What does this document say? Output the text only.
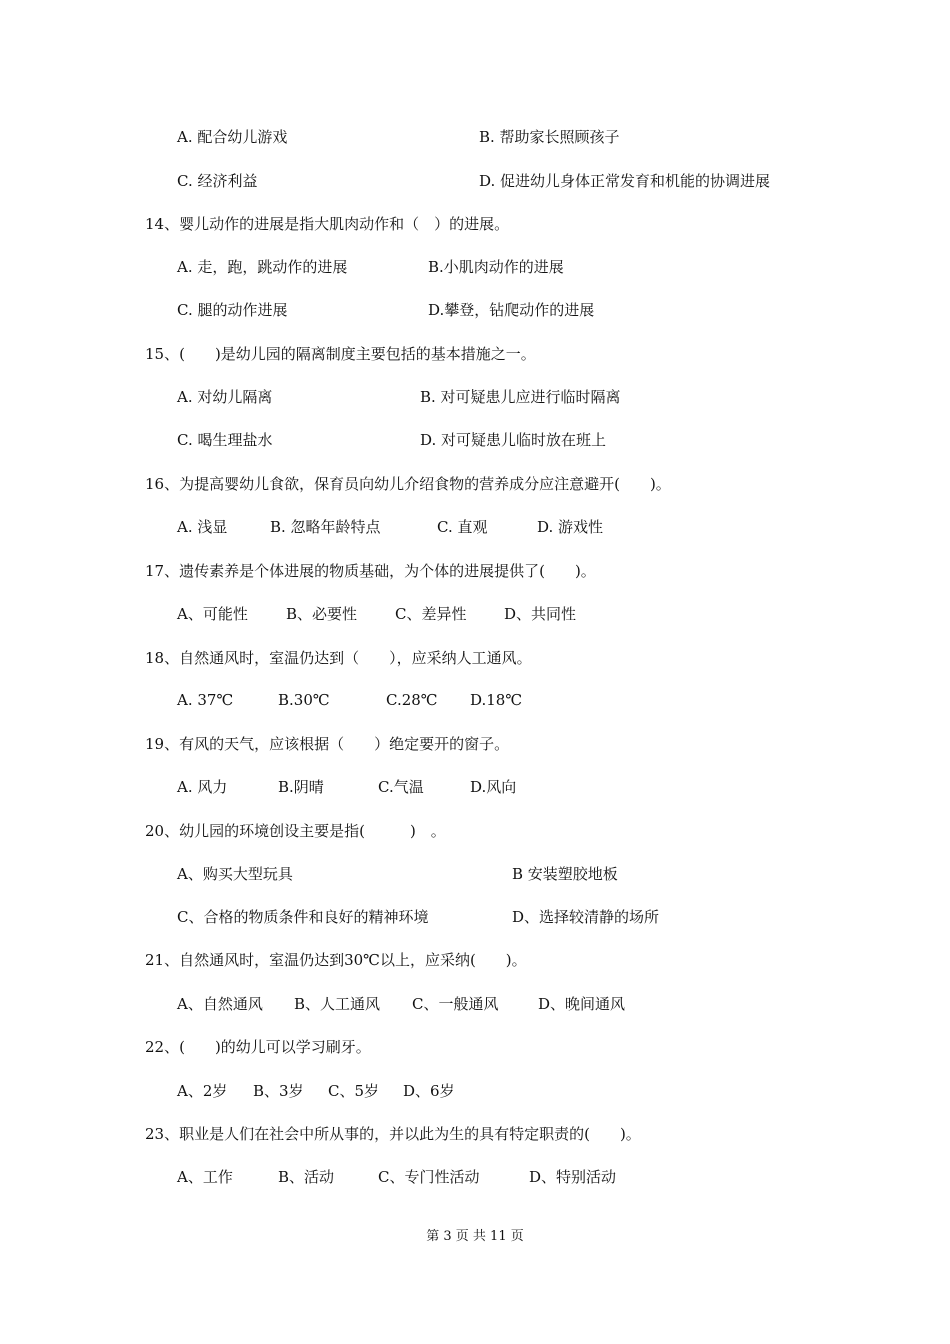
A. 配合幼儿游戏	B. 帮助家长照顾孩子
C. 经济利益	D. 促进幼儿身体正常发育和机能的协调进展
14、婴儿动作的进展是指大肌肉动作和（　）的进展。
A. 走，跑，跳动作的进展	B.小肌肉动作的进展
C. 腿的动作进展	D.攀登，钻爬动作的进展
15、(　　)是幼儿园的隔离制度主要包括的基本措施之一。
A. 对幼儿隔离	B. 对可疑患儿应进行临时隔离
C. 喝生理盐水	D. 对可疑患儿临时放在班上
16、为提高婴幼儿食欲，保育员向幼儿介绍食物的营养成分应注意避开(　　)。
A. 浅显	B. 忽略年龄特点	C. 直观	D. 游戏性
17、遗传素养是个体进展的物质基础，为个体的进展提供了(　　)。
A、可能性	B、必要性	C、差异性	D、共同性
18、自然通风时，室温仍达到（　　），应采纳人工通风。
A. 37℃	B.30℃	C.28℃ D.18℃
19、有风的天气，应该根据（　　）绝定要开的窗子。
A. 风力	B.阴晴	C.气温	D.风向
20、幼儿园的环境创设主要是指(　　　)　。
A、购买大型玩具	B 安装塑胶地板
C、合格的物质条件和良好的精神环境	D、选择较清静的场所
21、自然通风时，室温仍达到30℃以上，应采纳(　　)。
A、自然通风 B、人工通风 C、一般通风	D、晚间通风
22、(　　)的幼儿可以学习刷牙。
A、2岁 B、3岁 C、5岁 D、6岁
23、职业是人们在社会中所从事的，并以此为生的具有特定职责的(　　)。
A、工作	B、活动	C、专门性活动	D、特别活动
第 3 页 共 11 页
